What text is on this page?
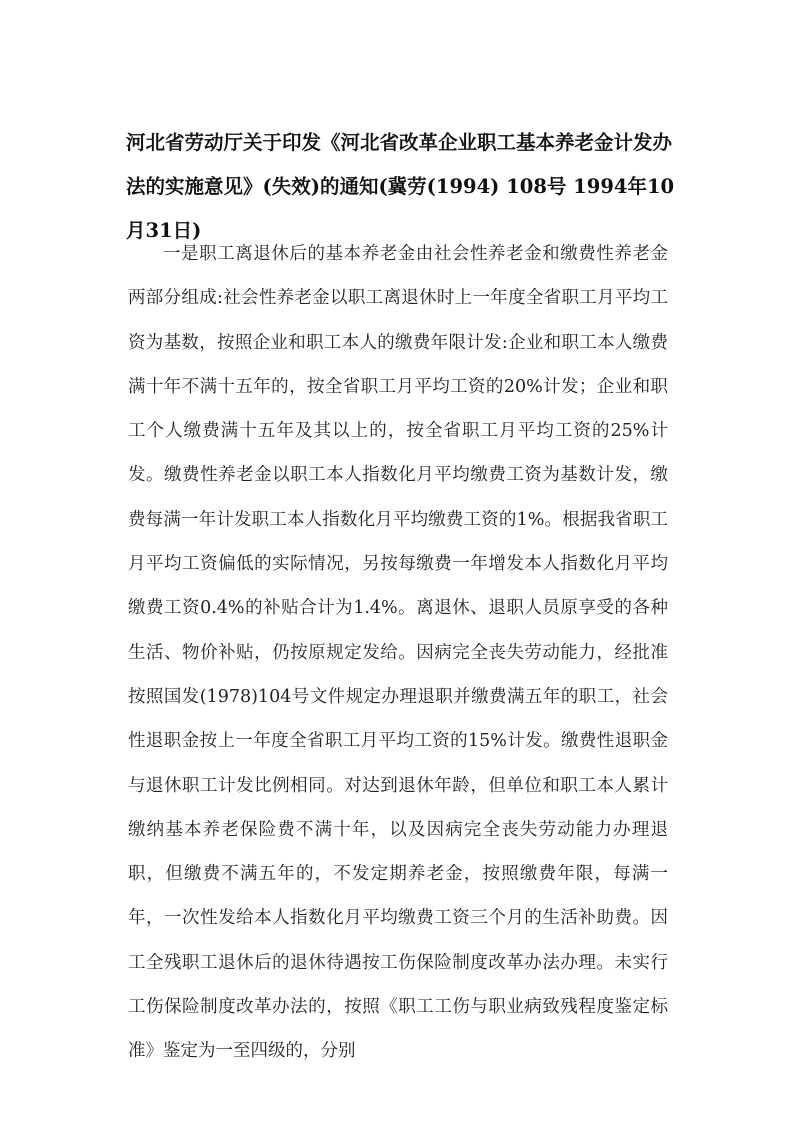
河北省劳动厅关于印发《河北省改革企业职工基本养老金计发办法的实施意见》(失效)的通知(冀劳(1994) 108号 1994年10月31日)

一是职工离退休后的基本养老金由社会性养老金和缴费性养老金两部分组成:社会性养老金以职工离退休时上一年度全省职工月平均工资为基数，按照企业和职工本人的缴费年限计发:企业和职工本人缴费满十年不满十五年的，按全省职工月平均工资的20%计发；企业和职工个人缴费满十五年及其以上的，按全省职工月平均工资的25%计发。缴费性养老金以职工本人指数化月平均缴费工资为基数计发，缴费每满一年计发职工本人指数化月平均缴费工资的1%。根据我省职工月平均工资偏低的实际情况，另按每缴费一年增发本人指数化月平均缴费工资0.4%的补贴合计为1.4%。离退休、退职人员原享受的各种生活、物价补贴，仍按原规定发给。因病完全丧失劳动能力，经批准按照国发(1978)104号文件规定办理退职并缴费满五年的职工，社会性退职金按上一年度全省职工月平均工资的15%计发。缴费性退职金与退休职工计发比例相同。对达到退休年龄，但单位和职工本人累计缴纳基本养老保险费不满十年，以及因病完全丧失劳动能力办理退职，但缴费不满五年的，不发定期养老金，按照缴费年限，每满一年，一次性发给本人指数化月平均缴费工资三个月的生活补助费。因工全残职工退休后的退休待遇按工伤保险制度改革办法办理。未实行工伤保险制度改革办法的，按照《职工工伤与职业病致残程度鉴定标准》鉴定为一至四级的，分别
